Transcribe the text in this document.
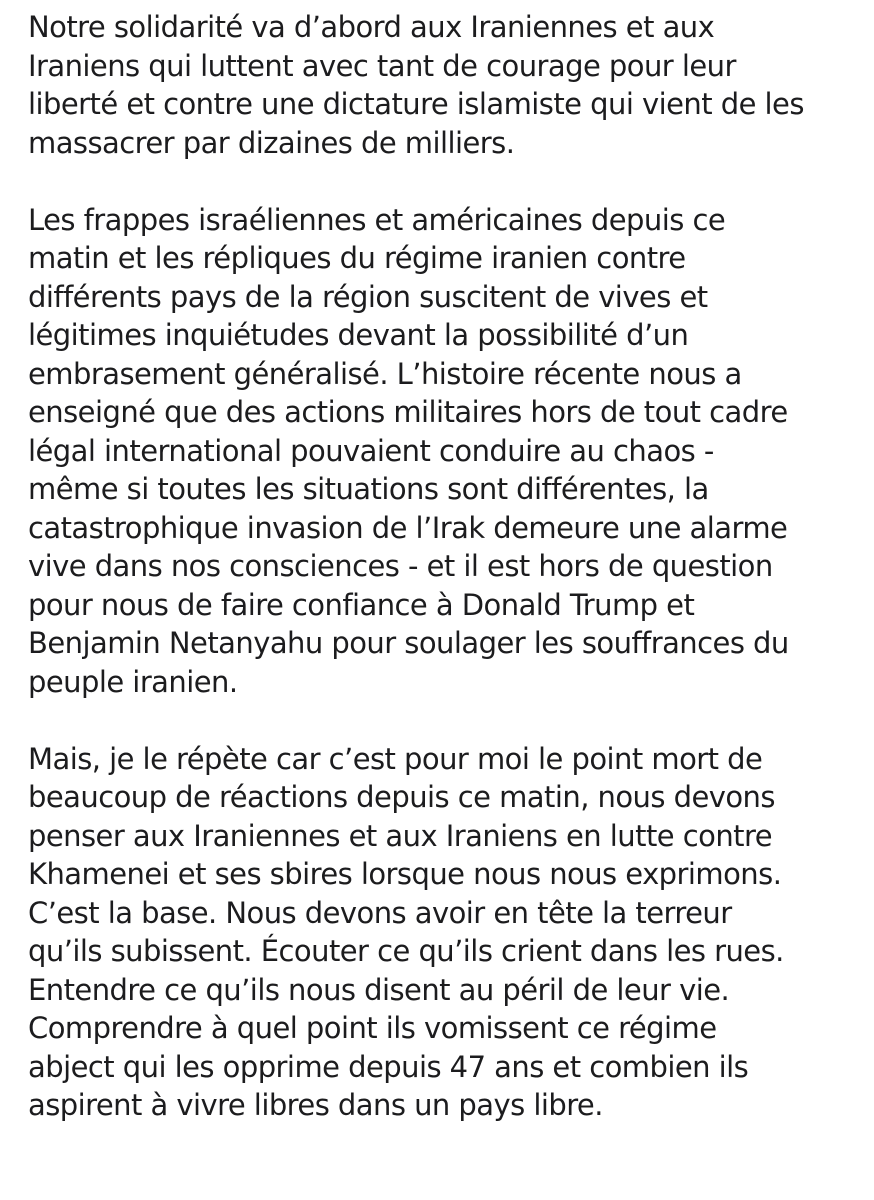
Notre solidarité va d’abord aux Iraniennes et aux
Iraniens qui luttent avec tant de courage pour leur
liberté et contre une dictature islamiste qui vient de les
massacrer par dizaines de milliers.
Les frappes israéliennes et américaines depuis ce
matin et les répliques du régime iranien contre
différents pays de la région suscitent de vives et
légitimes inquiétudes devant la possibilité d’un
embrasement généralisé. L’histoire récente nous a
enseigné que des actions militaires hors de tout cadre
légal international pouvaient conduire au chaos -
même si toutes les situations sont différentes, la
catastrophique invasion de l’Irak demeure une alarme
vive dans nos consciences - et il est hors de question
pour nous de faire confiance à Donald Trump et
Benjamin Netanyahu pour soulager les souffrances du
peuple iranien.
Mais, je le répète car c’est pour moi le point mort de
beaucoup de réactions depuis ce matin, nous devons
penser aux Iraniennes et aux Iraniens en lutte contre
Khamenei et ses sbires lorsque nous nous exprimons.
C’est la base. Nous devons avoir en tête la terreur
qu’ils subissent. Écouter ce qu’ils crient dans les rues.
Entendre ce qu’ils nous disent au péril de leur vie.
Comprendre à quel point ils vomissent ce régime
abject qui les opprime depuis 47 ans et combien ils
aspirent à vivre libres dans un pays libre.
